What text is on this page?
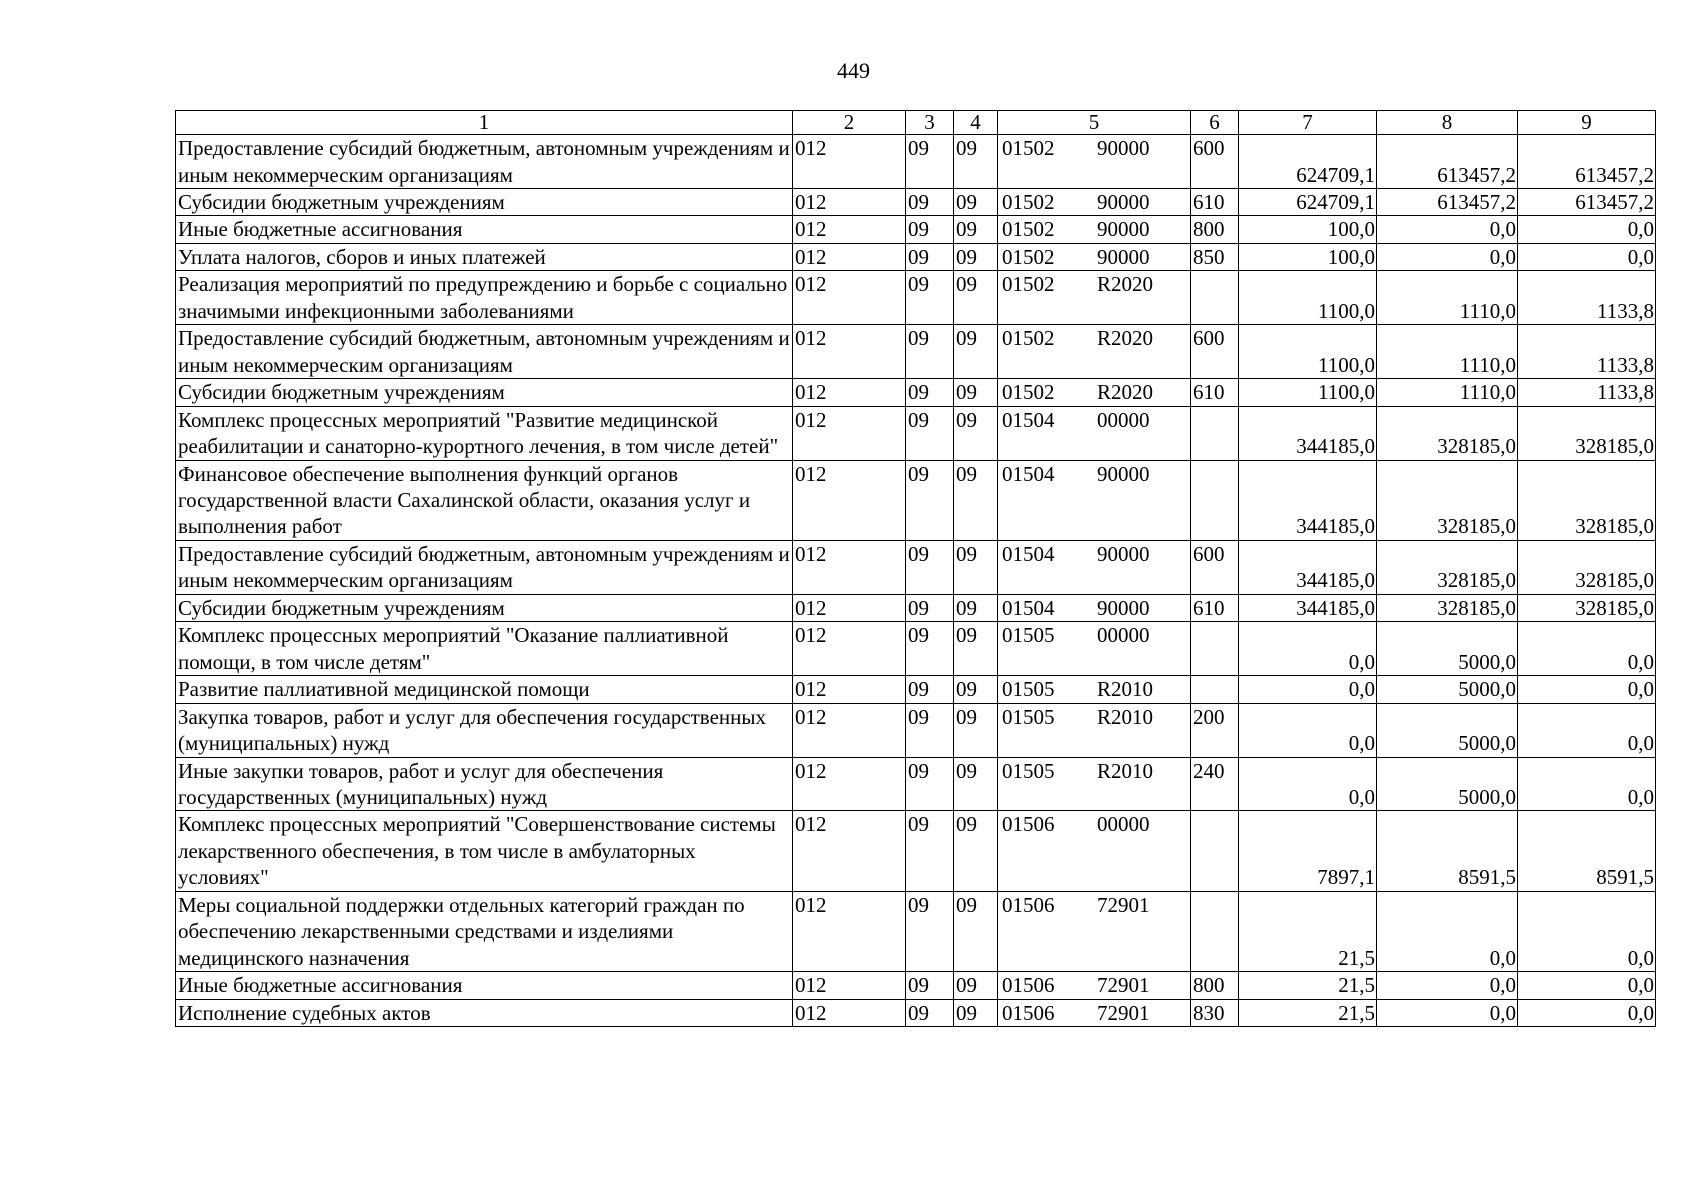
449
1	2	3	4	5	6	7	8	9
Предоставление субсидий бюджетным, автономным учреждениям и иным некоммерческим организациям	012	09	09	01502 90000	600	624709,1	613457,2	613457,2
Субсидии бюджетным учреждениям	012	09	09	01502 90000	610	624709,1	613457,2	613457,2
Иные бюджетные ассигнования	012	09	09	01502 90000	800	100,0	0,0	0,0
Уплата налогов, сборов и иных платежей	012	09	09	01502 90000	850	100,0	0,0	0,0
Реализация мероприятий по предупреждению и борьбе с социально значимыми инфекционными заболеваниями	012	09	09	01502 R2020		1100,0	1110,0	1133,8
Предоставление субсидий бюджетным, автономным учреждениям и иным некоммерческим организациям	012	09	09	01502 R2020	600	1100,0	1110,0	1133,8
Субсидии бюджетным учреждениям	012	09	09	01502 R2020	610	1100,0	1110,0	1133,8
Комплекс процессных мероприятий "Развитие медицинской реабилитации и санаторно-курортного лечения, в том числе детей"	012	09	09	01504 00000		344185,0	328185,0	328185,0
Финансовое обеспечение выполнения функций органов государственной власти Сахалинской области, оказания услуг и выполнения работ	012	09	09	01504 90000		344185,0	328185,0	328185,0
Предоставление субсидий бюджетным, автономным учреждениям и иным некоммерческим организациям	012	09	09	01504 90000	600	344185,0	328185,0	328185,0
Субсидии бюджетным учреждениям	012	09	09	01504 90000	610	344185,0	328185,0	328185,0
Комплекс процессных мероприятий "Оказание паллиативной помощи, в том числе детям"	012	09	09	01505 00000		0,0	5000,0	0,0
Развитие паллиативной медицинской помощи	012	09	09	01505 R2010		0,0	5000,0	0,0
Закупка товаров, работ и услуг для обеспечения государственных (муниципальных) нужд	012	09	09	01505 R2010	200	0,0	5000,0	0,0
Иные закупки товаров, работ и услуг для обеспечения государственных (муниципальных) нужд	012	09	09	01505 R2010	240	0,0	5000,0	0,0
Комплекс процессных мероприятий "Совершенствование системы лекарственного обеспечения, в том числе в амбулаторных условиях"	012	09	09	01506 00000		7897,1	8591,5	8591,5
Меры социальной поддержки отдельных категорий граждан по обеспечению лекарственными средствами и изделиями медицинского назначения	012	09	09	01506 72901		21,5	0,0	0,0
Иные бюджетные ассигнования	012	09	09	01506 72901	800	21,5	0,0	0,0
Исполнение судебных актов	012	09	09	01506 72901	830	21,5	0,0	0,0
